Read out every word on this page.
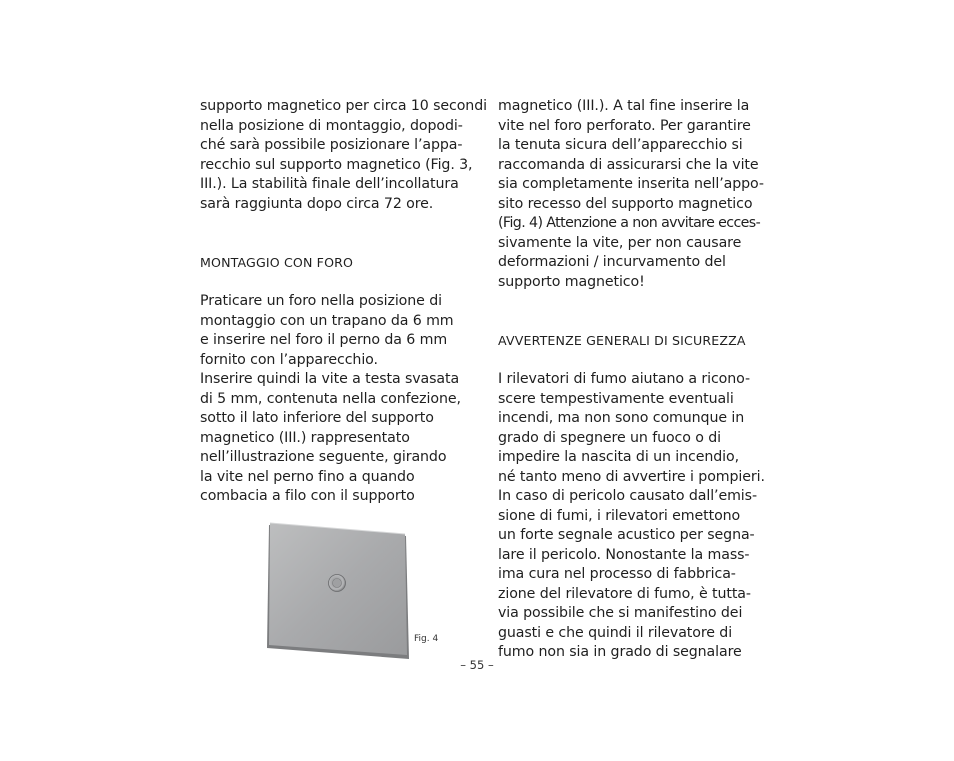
supporto magnetico per circa 10 secondi
nella posizione di montaggio, dopodi-
ché sarà possibile posizionare l’appa-
recchio sul supporto magnetico (Fig. 3,
III.). La stabilità finale dell’incollatura
sarà raggiunta dopo circa 72 ore.
MONTAGGIO CON FORO
Praticare un foro nella posizione di
montaggio con un trapano da 6 mm
e inserire nel foro il perno da 6 mm
fornito con l’apparecchio.
Inserire quindi la vite a testa svasata
di 5 mm, contenuta nella confezione,
sotto il lato inferiore del supporto
magnetico (III.) rappresentato
nell’illustrazione seguente, girando
la vite nel perno fino a quando
combacia a filo con il supporto
Fig. 4
magnetico (III.). A tal fine inserire la
vite nel foro perforato. Per garantire
la tenuta sicura dell’apparecchio si
raccomanda di assicurarsi che la vite
sia completamente inserita nell’appo-
sito recesso del supporto magnetico
(Fig. 4) Attenzione a non avvitare ecces-
sivamente la vite, per non causare
deformazioni / incurvamento del
supporto magnetico!
AVVERTENZE GENERALI DI SICUREZZA
I rilevatori di fumo aiutano a ricono-
scere tempestivamente eventuali
incendi, ma non sono comunque in
grado di spegnere un fuoco o di
impedire la nascita di un incendio,
né tanto meno di avvertire i pompieri.
In caso di pericolo causato dall’emis-
sione di fumi, i rilevatori emettono
un forte segnale acustico per segna-
lare il pericolo. Nonostante la mass-
ima cura nel processo di fabbrica-
zione del rilevatore di fumo, è tutta-
via possibile che si manifestino dei
guasti e che quindi il rilevatore di
fumo non sia in grado di segnalare
– 55 –
